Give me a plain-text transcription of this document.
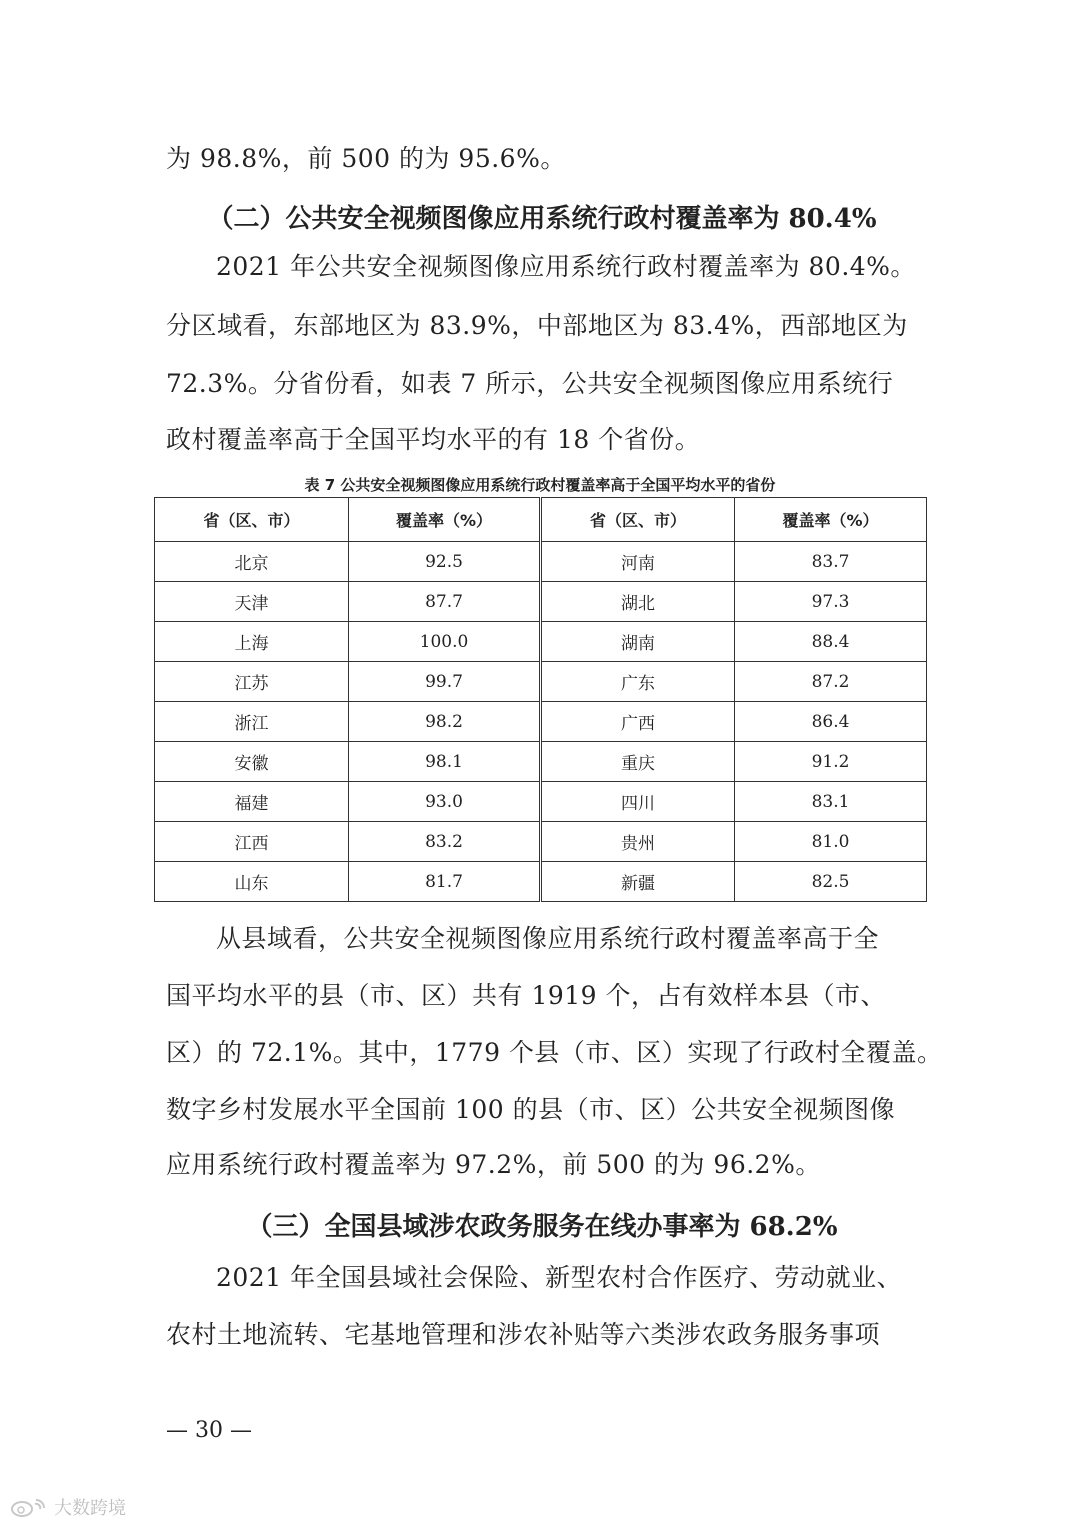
为 98.8%，前 500 的为 95.6%。
（二）公共安全视频图像应用系统行政村覆盖率为 80.4%
2021 年公共安全视频图像应用系统行政村覆盖率为 80.4%。
分区域看，东部地区为 83.9%，中部地区为 83.4%，西部地区为
72.3%。分省份看，如表 7 所示，公共安全视频图像应用系统行
政村覆盖率高于全国平均水平的有 18 个省份。
表 7 公共安全视频图像应用系统行政村覆盖率高于全国平均水平的省份
省（区、市）	覆盖率（%）	省（区、市）	覆盖率（%）
北京	92.5	河南	83.7
天津	87.7	湖北	97.3
上海	100.0	湖南	88.4
江苏	99.7	广东	87.2
浙江	98.2	广西	86.4
安徽	98.1	重庆	91.2
福建	93.0	四川	83.1
江西	83.2	贵州	81.0
山东	81.7	新疆	82.5
从县域看，公共安全视频图像应用系统行政村覆盖率高于全
国平均水平的县（市、区）共有 1919 个，占有效样本县（市、
区）的 72.1%。其中，1779 个县（市、区）实现了行政村全覆盖。
数字乡村发展水平全国前 100 的县（市、区）公共安全视频图像
应用系统行政村覆盖率为 97.2%，前 500 的为 96.2%。
（三）全国县域涉农政务服务在线办事率为 68.2%
2021 年全国县域社会保险、新型农村合作医疗、劳动就业、
农村土地流转、宅基地管理和涉农补贴等六类涉农政务服务事项
— 30 —
大数跨境
